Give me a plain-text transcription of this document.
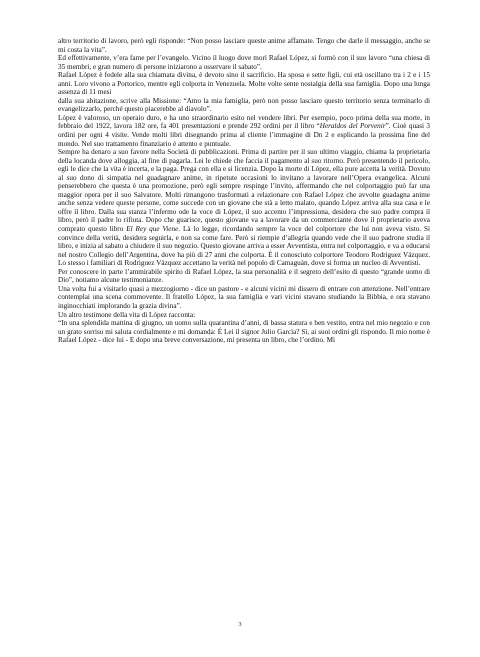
altro territorio di lavoro, però egli risponde: “Non posso lasciare queste anime affamate. Tengo che darle il messaggio, anche se mi costa la vita”.

Ed effettivamente, v’era fame per l’evangelo. Vicino il luogo dove morì Rafael López, si formò con il suo lavoro “una chiesa di 35 membri, e gran numero di persone iniziarono a osservare il sabato”.

Rafael López è fedele alla sua chiamata divina, è devoto sino il sacrificio. Ha sposa e sette figli, cui età oscillano tra i 2 e i 15 anni. Loro vivono a Portorico, mentre egli colporta in Venezuela. Molte volte sente nostalgia della sua famiglia. Dopo una lunga assenza di 11 mesi

dalla sua abitazione, scrive alla Missione: “Amo la mia famiglia, però non posso lasciare questo territorio senza terminarlo di evangelizzarlo, perché questo piacerebbe al diavolo”.

López è valoroso, un operaio duro, e ha uno straordinario esito nel vendere libri. Per esempio, poco prima della sua morte, in febbraio del 1922, lavora 182 ore, fa 401 presentazioni e prende 292 ordini per il libro “Heraldos del Porvenir”. Cioè quasi 3 ordini per ogni 4 visite. Vende molti libri disegnando prima al cliente l’immagine di Dn 2 e esplicando la prossima fine del mondo. Nel suo trattamento finanziario è attento e puntuale.

Sempre ha denaro a suo favore nella Società di pubblicazioni. Prima di partire per il suo ultimo viaggio, chiama la proprietaria della locanda dove alloggia, al fine di pagarla. Lei le chiede che faccia il pagamento al suo ritorno. Però presentendo il pericolo, egli le dice che la vita è incerta, e la paga. Prega con ella e si licenzia. Dopo la morte di López, ella pure accetta la verità. Dovuto al suo dono di simpatia nel guadagnare anime, in ripetute occasioni lo invitano a lavorare nell’Opera evangelica. Alcuni penserebbero che questa è una promozione, però egli sempre respinge l’invito, affermando che nel colportaggio può far una maggior opera per il suo Salvatore. Molti rimangono trasformati a relazionare con Rafael López che avvolte guadagna anime anche senza vedere queste persone, come succede con un giovane che stà a letto malato, quando López arriva alla sua casa e le offre il libro. Dalla sua stanza l’infermo ode la voce di López, il suo accento l’impressiona, desidera che suo padre compra il libro, però il padre lo rifiuta. Dopo che guarisce, questo giovane va a lavorare da un commerciante dove il proprietario aveva comprato questo libro El Rey que Viene. Là lo legge, ricordando sempre la voce del colportore che lui non aveva visto. Si convince della verità, desidera seguirla, e non sa come fare. Però si riempie d’allegria quando vede che il suo padrone studia il libro, e inizia al sabato a chiudere il suo negozio. Questo giovane arriva a esser Avventista, entra nel colportaggio, e va a educarsi nel nostro Collegio dell’Argentina, dove ha più di 27 anni che colporta. È il conosciuto colportore Teodoro Rodriguez Vázquez. Lo stesso i familiari di Rodriguez Vázquez accettano la verità nel popolo di Camaguán, dove si forma un nucleo di Avventisti.

Per conoscere in parte l’ammirabile spirito di Rafael López, la sua personalità e il segreto dell’esito di questo “grande uomo di Dio”, notiamo alcune testimonianze.

Una volta fui a visitarlo quasi a mezzogiorno - dice un pastore - e alcuni vicini mi dissero di entrare con attenzione. Nell’entrare contemplai una scena commovente. Il fratello López, la sua famiglia e vari vicini stavano studiando la Bibbia, e ora stavano inginocchiati implorando la grazia divina”.

Un altro testimone della vita di López racconta:

“In una splendida mattina di giugno, un uomo sulla quarantina d’anni, di bassa statura e ben vestito, entra nel mio negozio e con un grato sorriso mi saluta cordialmente e mi domanda: É Lei il signor Julio Garcìa? Sì, ai suoi ordini gli rispondo. Il mio nome è Rafael López - dice lui - E dopo una breve conversazione, mi presenta un libro, che l’ordino. Mi

3
